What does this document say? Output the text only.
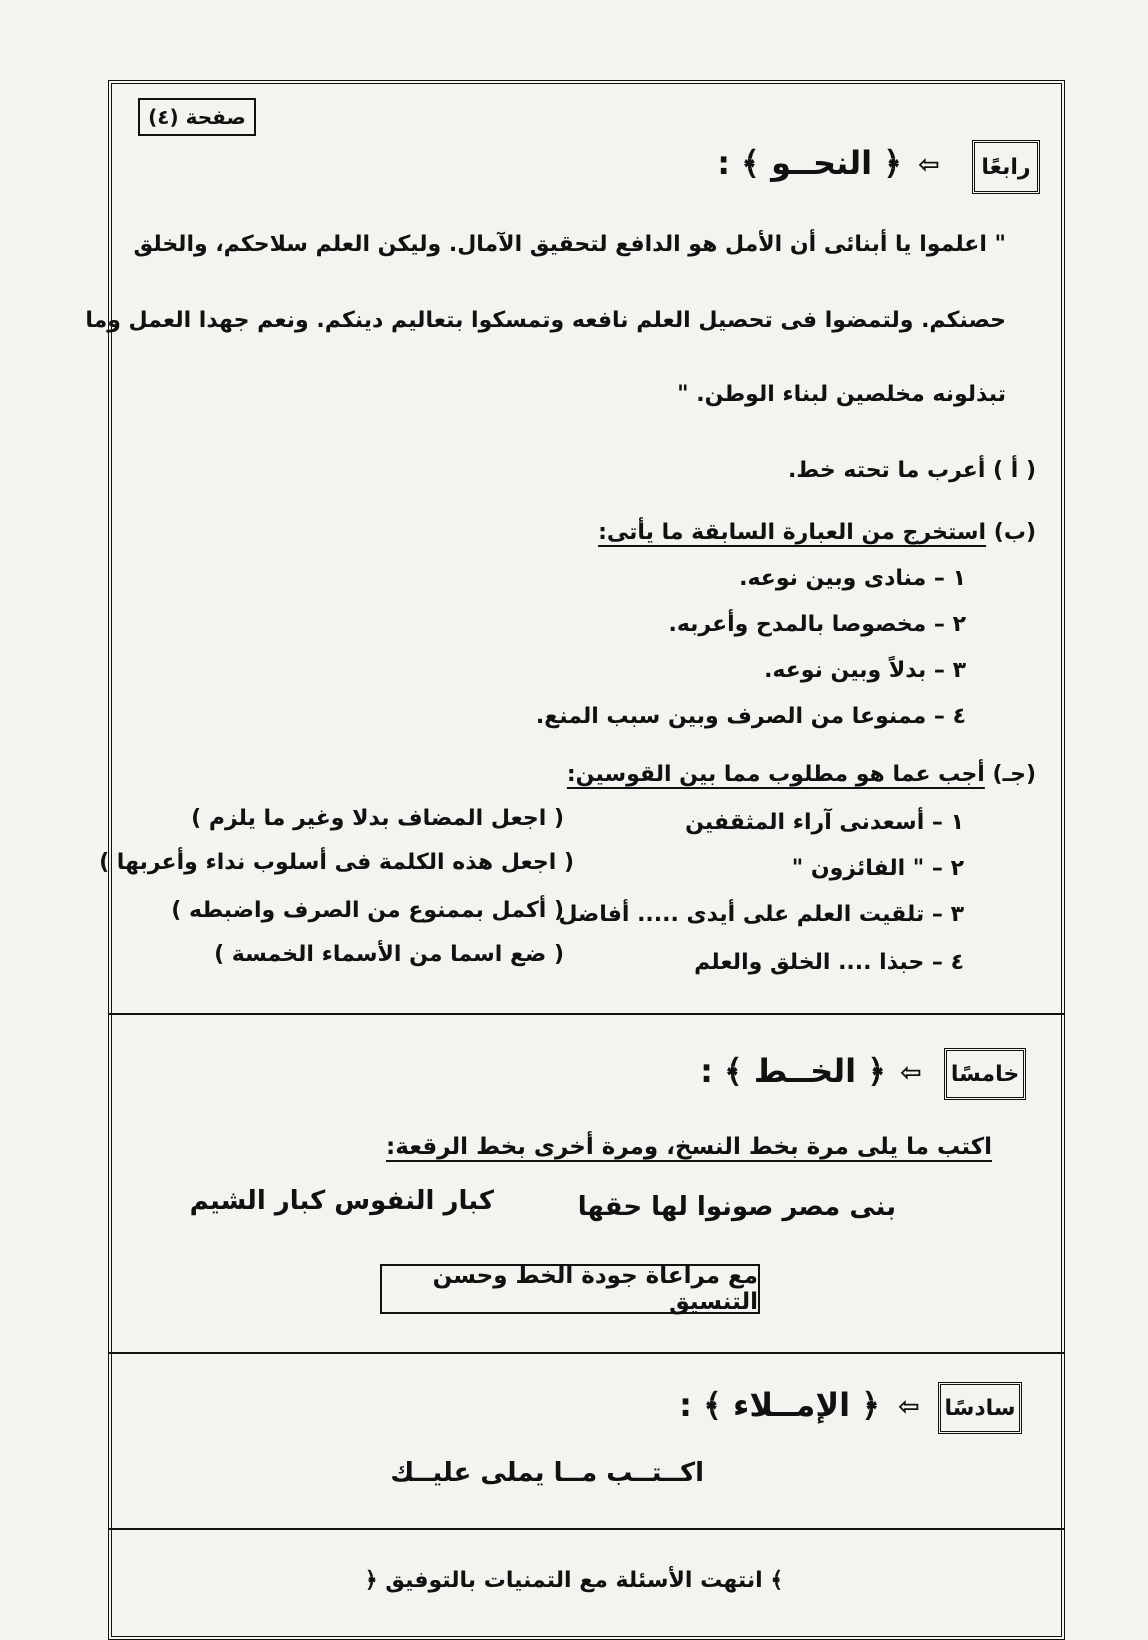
صفحة (٤)
رابعًا
⇦
﴿ النحــو ﴾ :
" اعلموا يا أبنائى أن الأمل هو الدافع لتحقيق الآمال. وليكن العلم سلاحكم، والخلق
حصنكم. ولتمضوا فى تحصيل العلم نافعه وتمسكوا بتعاليم دينكم. ونعم جهدا العمل وما
تبذلونه مخلصين لبناء الوطن. "
( أ ) أعرب ما تحته خط.
(ب) استخرج من العبارة السابقة ما يأتى:
١ – منادى وبين نوعه.
٢ – مخصوصا بالمدح وأعربه.
٣ – بدلاً وبين نوعه.
٤ – ممنوعا من الصرف وبين سبب المنع.
(جـ) أجب عما هو مطلوب مما بين القوسين:
١ – أسعدنى آراء المثقفين
( اجعل المضاف بدلا وغير ما يلزم )
٢ – " الفائزون "
( اجعل هذه الكلمة فى أسلوب نداء وأعربها )
٣ – تلقيت العلم على أيدى ..... أفاضل
( أكمل بممنوع من الصرف واضبطه )
٤ – حبذا .... الخلق والعلم
( ضع اسما من الأسماء الخمسة )
خامسًا
⇦
﴿ الخــط ﴾ :
اكتب ما يلى مرة بخط النسخ، ومرة أخرى بخط الرقعة:
بنى مصر صونوا لها حقها
كبار النفوس كبار الشيم
مع مراعاة جودة الخط وحسن التنسيق
سادسًا
⇦
﴿ الإمــلاء ﴾ :
اكــتــب مــا يملى عليــك
﴾ انتهت الأسئلة مع التمنيات بالتوفيق ﴿
